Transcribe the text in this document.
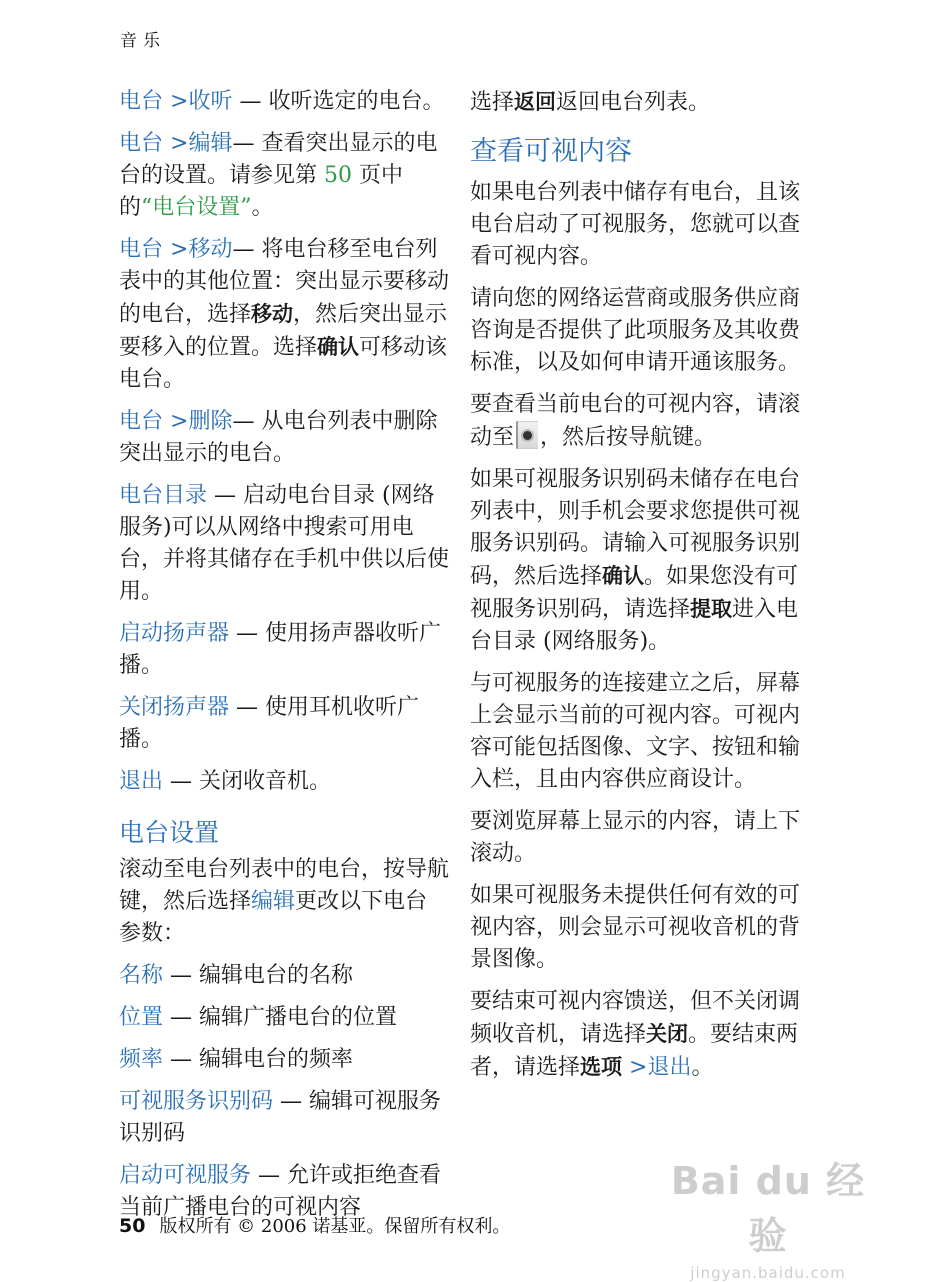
音乐

电台 >收听 — 收听选定的电台。

电台 >编辑— 查看突出显示的电台的设置。请参见第 50 页中的“电台设置”。

电台 >移动— 将电台移至电台列表中的其他位置：突出显示要移动的电台，选择移动，然后突出显示要移入的位置。选择确认可移动该电台。

电台 >删除— 从电台列表中删除突出显示的电台。

电台目录 — 启动电台目录 (网络服务)可以从网络中搜索可用电台，并将其储存在手机中供以后使用。

启动扬声器 — 使用扬声器收听广播。

关闭扬声器 — 使用耳机收听广播。

退出 — 关闭收音机。

电台设置

滚动至电台列表中的电台，按导航键，然后选择编辑更改以下电台参数：

名称 — 编辑电台的名称

位置 — 编辑广播电台的位置

频率 — 编辑电台的频率

可视服务识别码 — 编辑可视服务识别码

启动可视服务 — 允许或拒绝查看当前广播电台的可视内容

选择返回返回电台列表。

查看可视内容

如果电台列表中储存有电台，且该电台启动了可视服务，您就可以查看可视内容。

请向您的网络运营商或服务供应商咨询是否提供了此项服务及其收费标准，以及如何申请开通该服务。

要查看当前电台的可视内容，请滚动至 ，然后按导航键。

如果可视服务识别码未储存在电台列表中，则手机会要求您提供可视服务识别码。请输入可视服务识别码，然后选择确认。如果您没有可视服务识别码，请选择提取进入电台目录 (网络服务)。

与可视服务的连接建立之后，屏幕上会显示当前的可视内容。可视内容可能包括图像、文字、按钮和输入栏，且由内容供应商设计。

要浏览屏幕上显示的内容，请上下滚动。

如果可视服务未提供任何有效的可视内容，则会显示可视收音机的背景图像。

要结束可视内容馈送，但不关闭调频收音机，请选择关闭。要结束两者，请选择选项 >退出。

50 版权所有 © 2006 诺基亚。保留所有权利。
Bai du 经验
jingyan.baidu.com
